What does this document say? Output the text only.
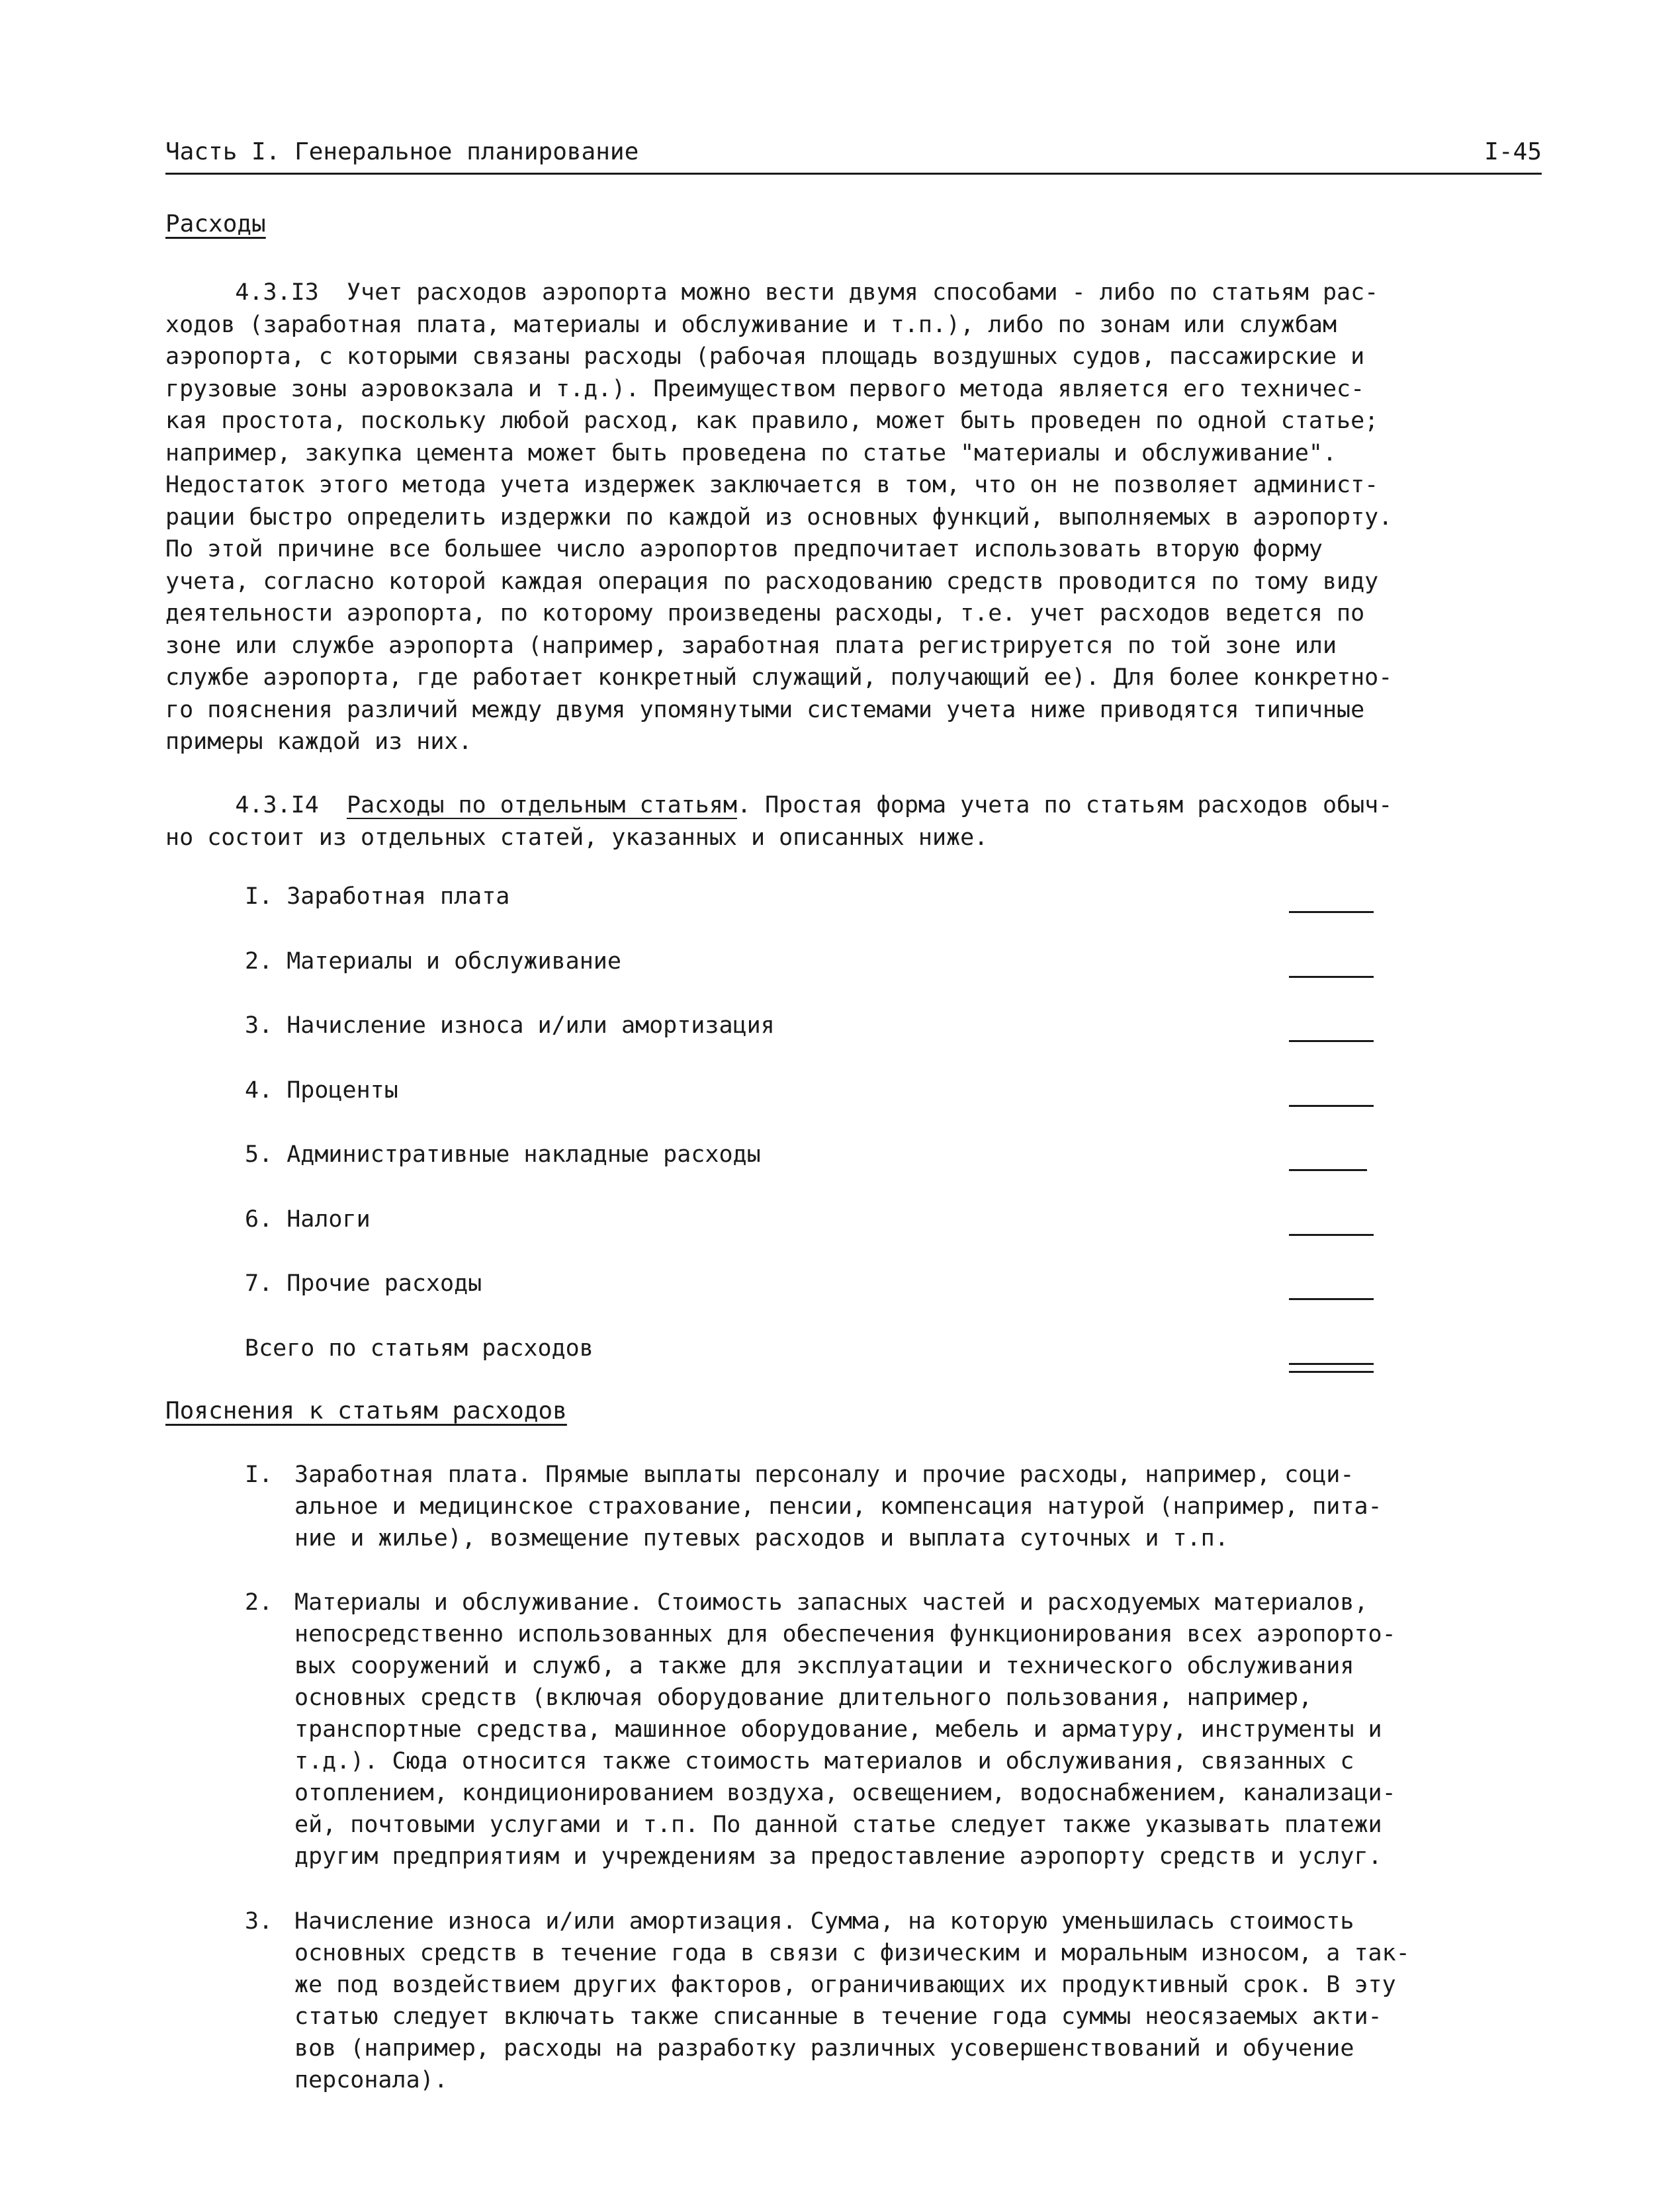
Часть I. Генеральное планирование	I-45
Расходы
4.3.I3  Учет расходов аэропорта можно вести двумя способами - либо по статьям рас-
ходов (заработная плата, материалы и обслуживание и т.п.), либо по зонам или службам
аэропорта, с которыми связаны расходы (рабочая площадь воздушных судов, пассажирские и
грузовые зоны аэровокзала и т.д.). Преимуществом первого метода является его техничес-
кая простота, поскольку любой расход, как правило, может быть проведен по одной статье;
например, закупка цемента может быть проведена по статье "материалы и обслуживание".
Недостаток этого метода учета издержек заключается в том, что он не позволяет админист-
рации быстро определить издержки по каждой из основных функций, выполняемых в аэропорту.
По этой причине все большее число аэропортов предпочитает использовать вторую форму
учета, согласно которой каждая операция по расходованию средств проводится по тому виду
деятельности аэропорта, по которому произведены расходы, т.е. учет расходов ведется по
зоне или службе аэропорта (например, заработная плата регистрируется по той зоне или
службе аэропорта, где работает конкретный служащий, получающий ее). Для более конкретно-
го пояснения различий между двумя упомянутыми системами учета ниже приводятся типичные
примеры каждой из них.
4.3.I4  Расходы по отдельным статьям. Простая форма учета по статьям расходов обыч-
но состоит из отдельных статей, указанных и описанных ниже.
I. Заработная плата
2. Материалы и обслуживание
3. Начисление износа и/или амортизация
4. Проценты
5. Административные накладные расходы
6. Налоги
7. Прочие расходы
Всего по статьям расходов
Пояснения к статьям расходов
I. Заработная плата. Прямые выплаты персоналу и прочие расходы, например, соци-
альное и медицинское страхование, пенсии, компенсация натурой (например, пита-
ние и жилье), возмещение путевых расходов и выплата суточных и т.п.
2. Материалы и обслуживание. Стоимость запасных частей и расходуемых материалов,
непосредственно использованных для обеспечения функционирования всех аэропорто-
вых сооружений и служб, а также для эксплуатации и технического обслуживания
основных средств (включая оборудование длительного пользования, например,
транспортные средства, машинное оборудование, мебель и арматуру, инструменты и
т.д.). Сюда относится также стоимость материалов и обслуживания, связанных с
отоплением, кондиционированием воздуха, освещением, водоснабжением, канализаци-
ей, почтовыми услугами и т.п. По данной статье следует также указывать платежи
другим предприятиям и учреждениям за предоставление аэропорту средств и услуг.
3. Начисление износа и/или амортизация. Сумма, на которую уменьшилась стоимость
основных средств в течение года в связи с физическим и моральным износом, а так-
же под воздействием других факторов, ограничивающих их продуктивный срок. В эту
статью следует включать также списанные в течение года суммы неосязаемых акти-
вов (например, расходы на разработку различных усовершенствований и обучение
персонала).
